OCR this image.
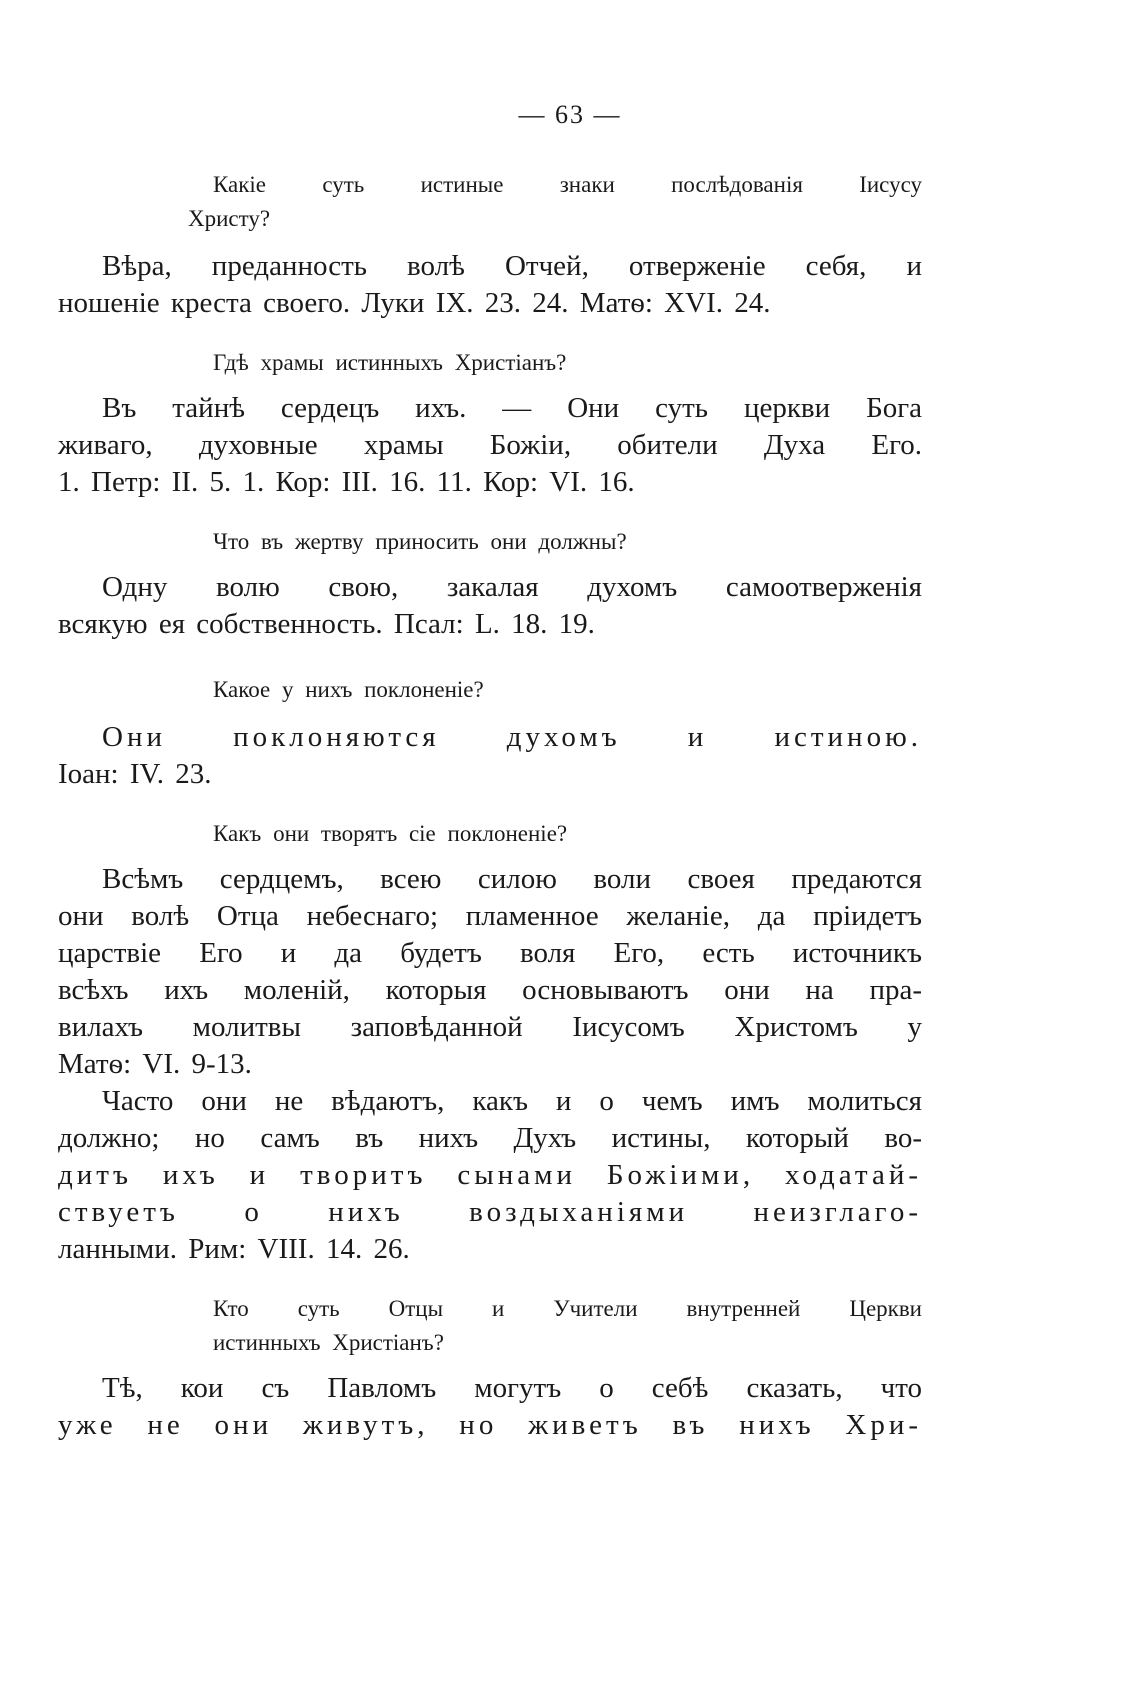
— 63 —
Какіе суть истиные знаки послѣдованія Іисусу
Христу?
Вѣра, преданность волѣ Отчей, отверженіе себя, и
ношеніе креста своего. Луки IX. 23. 24. Матѳ: XVI. 24.
Гдѣ храмы истинныхъ Христіанъ?
Въ тайнѣ сердецъ ихъ. — Они суть церкви Бога
живаго, духовные храмы Божіи, обители Духа Его.
1. Петр: II. 5. 1. Кор: III. 16. 11. Кор: VI. 16.
Что въ жертву приносить они должны?
Одну волю свою, закалая духомъ самоотверженія
всякую ея собственность. Псал: L. 18. 19.
Какое у нихъ поклоненіе?
Они поклоняются духомъ и истиною.
Іоан: IV. 23.
Какъ они творятъ сіе поклоненіе?
Всѣмъ сердцемъ, всею силою воли своея предаются
они волѣ Отца небеснаго; пламенное желаніе, да пріидетъ
царствіе Его и да будетъ воля Его, есть источникъ
всѣхъ ихъ моленій, которыя основываютъ они на пра-
вилахъ молитвы заповѣданной Іисусомъ Христомъ у
Матѳ: VI. 9-13.
Часто они не вѣдаютъ, какъ и о чемъ имъ молиться
должно; но самъ въ нихъ Духъ истины, который во-
дитъ ихъ и творитъ сынами Божіими, ходатай-
ствуетъ о нихъ воздыханіями неизглаго-
ланными. Рим: VIII. 14. 26.
Кто суть Отцы и Учители внутренней Церкви
истинныхъ Христіанъ?
Тѣ, кои съ Павломъ могутъ о себѣ сказать, что
уже не они живутъ, но живетъ въ нихъ Хри-
